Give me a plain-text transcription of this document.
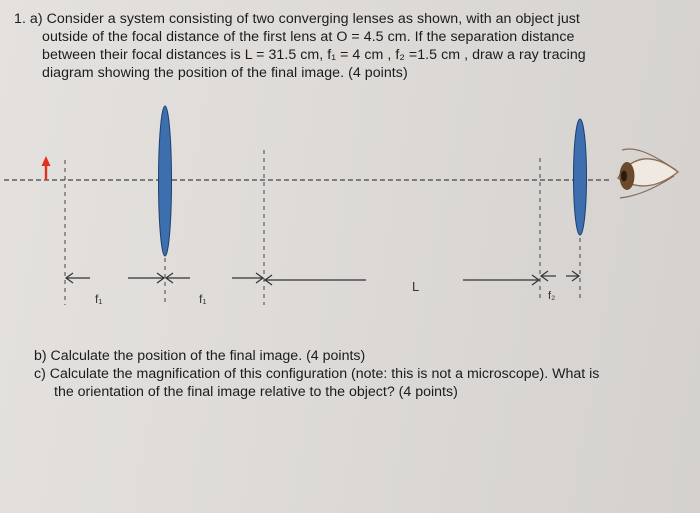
1. a) Consider a system consisting of two converging lenses as shown, with an object just
outside of the focal distance of the first lens at O = 4.5 cm. If the separation distance
between their focal distances is L = 31.5 cm, f₁ = 4 cm , f₂ =1.5 cm , draw a ray tracing
diagram showing the position of the final image. (4 points)
f₁	f₁
L
f₂
b) Calculate the position of the final image. (4 points)
c) Calculate the magnification of this configuration (note: this is not a microscope). What is
the orientation of the final image relative to the object? (4 points)
